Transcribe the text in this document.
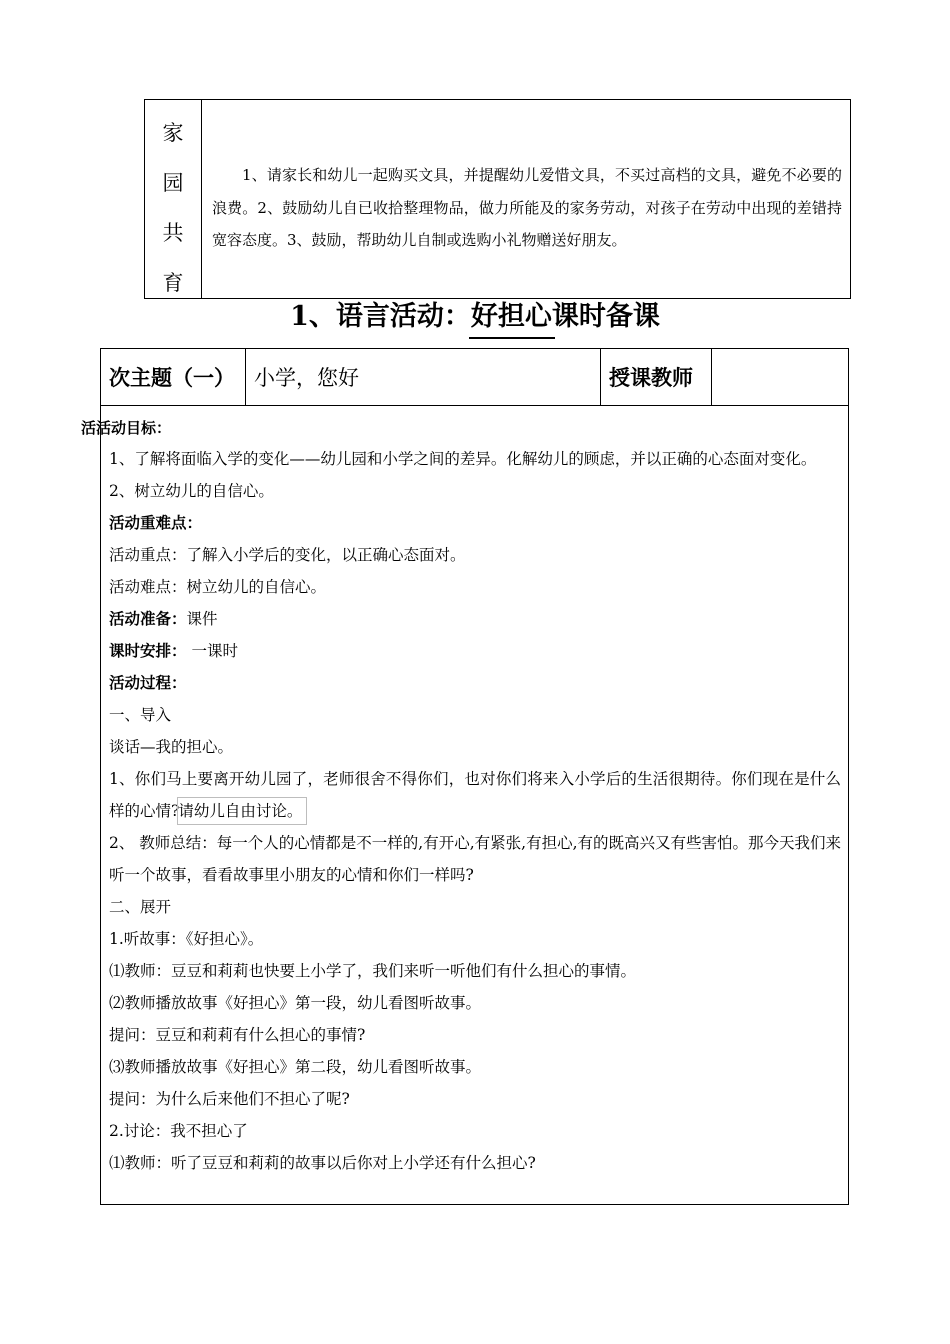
家
园
共
育
1、请家长和幼儿一起购买文具，并提醒幼儿爱惜文具，不买过高档的文具，避免不必要的浪费。2、鼓励幼儿自已收拾整理物品，做力所能及的家务劳动，对孩子在劳动中出现的差错持宽容态度。3、鼓励，帮助幼儿自制或选购小礼物赠送好朋友。
1、语言活动：好担心课时备课
次主题（一） 小学，您好	授课教师
活活动目标：
1、了解将面临入学的变化——幼儿园和小学之间的差异。化解幼儿的顾虑，并以正确的心态面对变化。
2、树立幼儿的自信心。
活动重难点：
活动重点：了解入小学后的变化，以正确心态面对。
活动难点：树立幼儿的自信心。
活动准备：课件
课时安排： 一课时
活动过程：
一、导入
谈话—我的担心。
1、你们马上要离开幼儿园了，老师很舍不得你们，也对你们将来入小学后的生活很期待。你们现在是什么样的心情?请幼儿自由讨论。
2、 教师总结：每一个人的心情都是不一样的,有开心,有紧张,有担心,有的既高兴又有些害怕。那今天我们来听一个故事，看看故事里小朋友的心情和你们一样吗?
二、展开
1.听故事：《好担心》。
⑴教师：豆豆和莉莉也快要上小学了，我们来听一听他们有什么担心的事情。
⑵教师播放故事《好担心》第一段，幼儿看图听故事。
提问：豆豆和莉莉有什么担心的事情?
⑶教师播放故事《好担心》第二段，幼儿看图听故事。
提问：为什么后来他们不担心了呢?
2.讨论：我不担心了
⑴教师：听了豆豆和莉莉的故事以后你对上小学还有什么担心?
